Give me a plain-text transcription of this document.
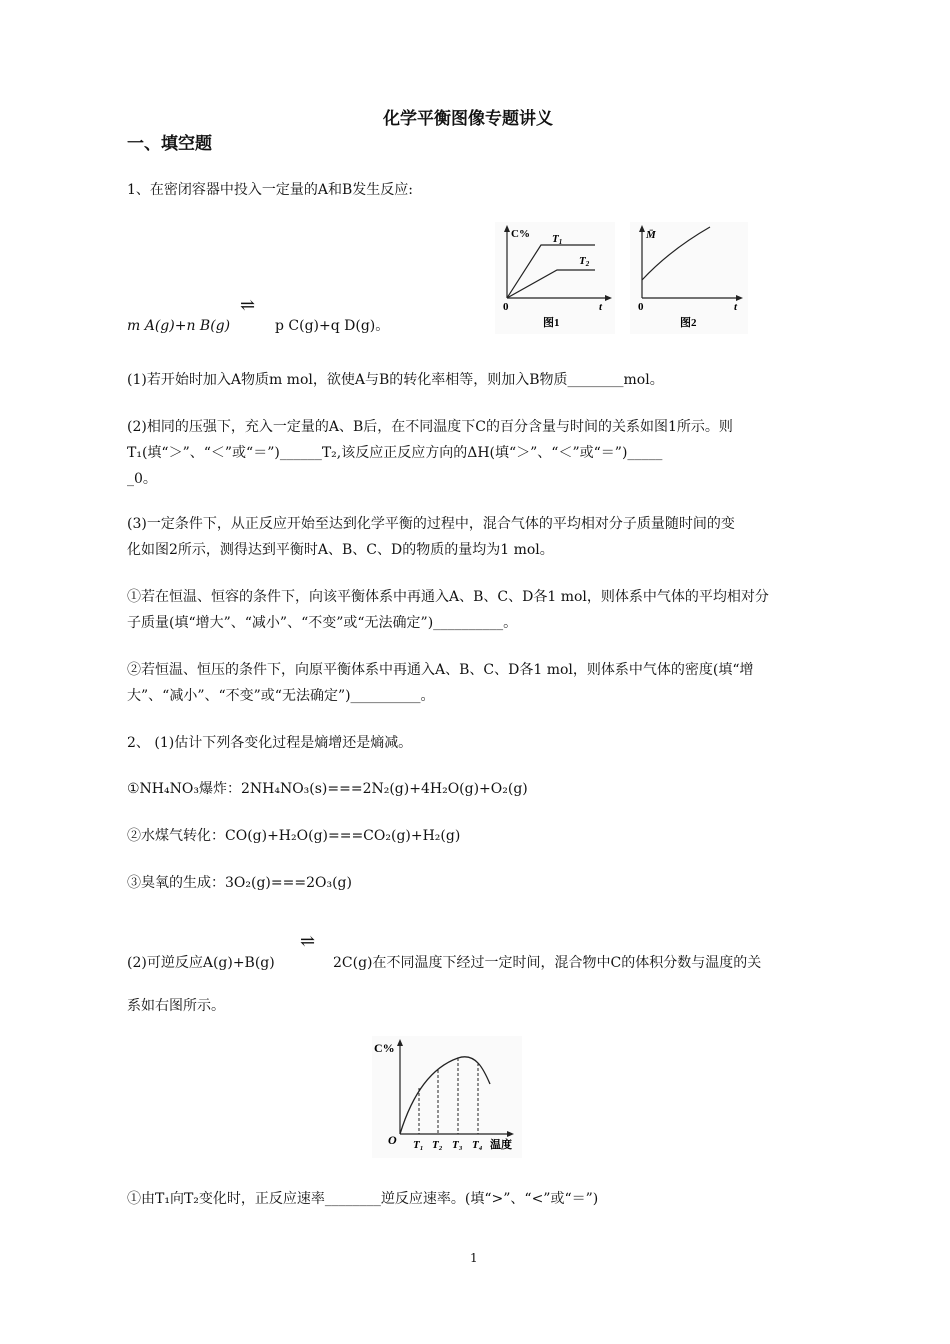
化学平衡图像专题讲义
一、填空题
1、在密闭容器中投入一定量的A和B发生反应:
⇌
m A(g)+n B(g)	p C(g)+q D(g)。
C% T1
T2
0	t
图1
M̄
0	t
图2
(1)若开始时加入A物质m mol，欲使A与B的转化率相等，则加入B物质________mol。
(2)相同的压强下，充入一定量的A、B后，在不同温度下C的百分含量与时间的关系如图1所示。则
T₁(填“＞”、“＜”或“＝”)______T₂,该反应正反应方向的ΔH(填“＞”、“＜”或“＝”)_____
_0。
(3)一定条件下，从正反应开始至达到化学平衡的过程中，混合气体的平均相对分子质量随时间的变
化如图2所示，测得达到平衡时A、B、C、D的物质的量均为1 mol。
①若在恒温、恒容的条件下，向该平衡体系中再通入A、B、C、D各1 mol，则体系中气体的平均相对分
子质量(填“增大”、“减小”、“不变”或“无法确定”)__________。
②若恒温、恒压的条件下，向原平衡体系中再通入A、B、C、D各1 mol，则体系中气体的密度(填“增
大”、“减小”、“不变”或“无法确定”)__________。
2、 (1)估计下列各变化过程是熵增还是熵减。
①NH₄NO₃爆炸：2NH₄NO₃(s)===2N₂(g)+4H₂O(g)+O₂(g)
②水煤气转化：CO(g)+H₂O(g)===CO₂(g)+H₂(g)
③臭氧的生成：3O₂(g)===2O₃(g)
⇌
(2)可逆反应A(g)+B(g)	2C(g)在不同温度下经过一定时间，混合物中C的体积分数与温度的关
系如右图所示。
C%
O T₁ T₂ T₃ T₄ 温度
①由T₁向T₂变化时，正反应速率________逆反应速率。(填“>”、“<”或“＝”)
1
